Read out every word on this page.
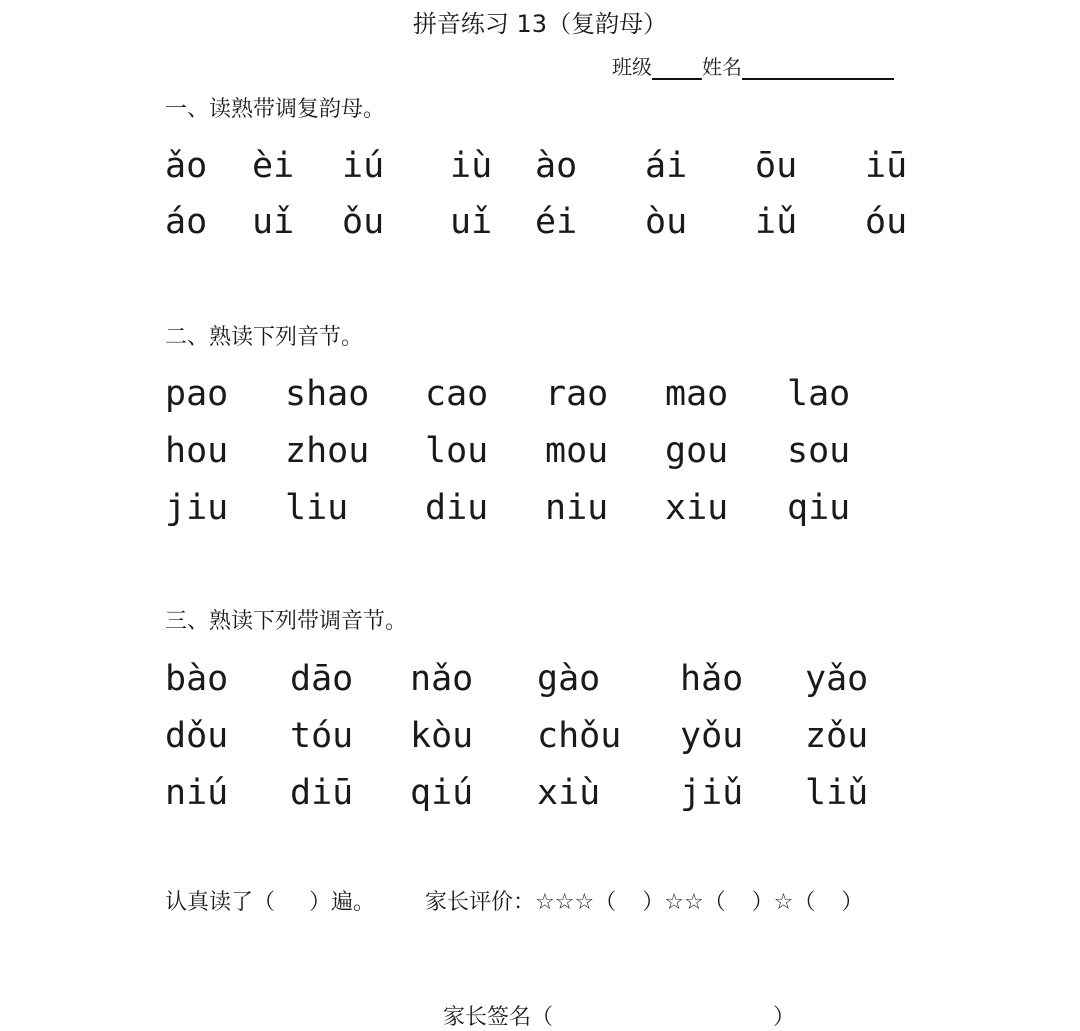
拼音练习 13（复韵母）
班级	姓名
一、读熟带调复韵母。
ǎo èi iú iù ào ái ōu iū
áo uǐ ǒu uǐ éi òu iǔ óu
二、熟读下列音节。
pao shao cao rao mao lao
hou zhou lou mou gou sou
jiu liu diu niu xiu qiu
三、熟读下列带调音节。
bào dāo nǎo gào hǎo yǎo
dǒu tóu kòu chǒu yǒu zǒu
niú diū qiú xiù jiǔ liǔ
认真读了（ ）遍。 家长评价：☆☆☆（ ）☆☆（ ）☆（ ）
家长签名（	）
